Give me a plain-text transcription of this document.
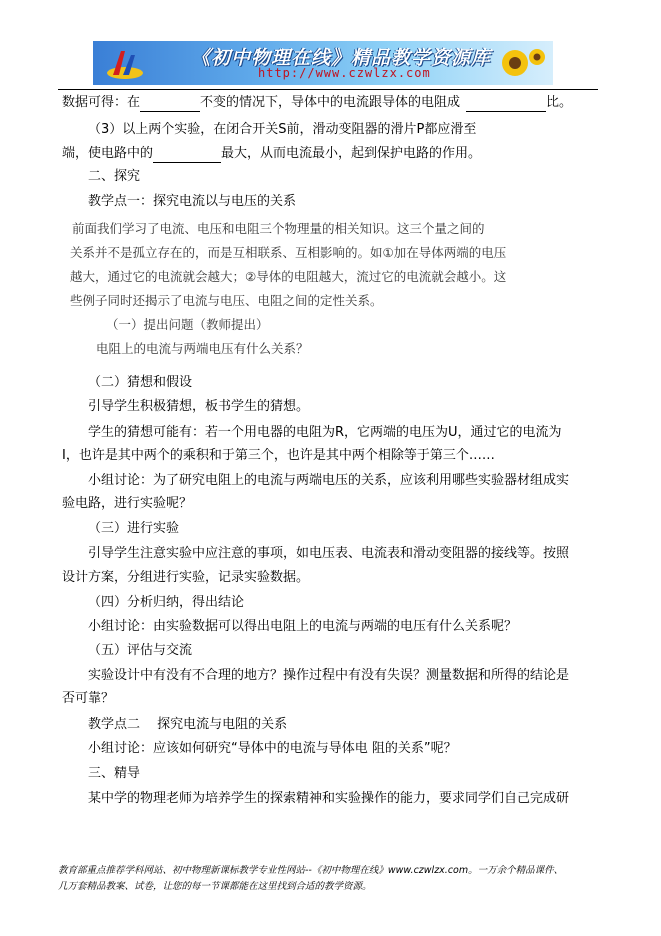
《初中物理在线》精品教学资源库
http://www.czwlzx.com
数据可得：在	不变的情况下，导体中的电流跟导体的电阻成	比。
（3）以上两个实验，在闭合开关S前，滑动变阻器的滑片P都应滑至
端，使电路中的	最大，从而电流最小，起到保护电路的作用。
二、探究
教学点一：探究电流以与电压的关系
前面我们学习了电流、电压和电阻三个物理量的相关知识。这三个量之间的
关系并不是孤立存在的，而是互相联系、互相影响的。如①加在导体两端的电压
越大，通过它的电流就会越大；②导体的电阻越大，流过它的电流就会越小。这
些例子同时还揭示了电流与电压、电阻之间的定性关系。
（一）提出问题（教师提出）
电阻上的电流与两端电压有什么关系？
（二）猜想和假设
引导学生积极猜想，板书学生的猜想。
学生的猜想可能有：若一个用电器的电阻为R，它两端的电压为U，通过它的电流为
I，也许是其中两个的乘积和于第三个，也许是其中两个相除等于第三个……
小组讨论：为了研究电阻上的电流与两端电压的关系，应该利用哪些实验器材组成实
验电路，进行实验呢？
（三）进行实验
引导学生注意实验中应注意的事项，如电压表、电流表和滑动变阻器的接线等。按照
设计方案，分组进行实验，记录实验数据。
（四）分析归纳，得出结论
小组讨论：由实验数据可以得出电阻上的电流与两端的电压有什么关系呢？
（五）评估与交流
实验设计中有没有不合理的地方？操作过程中有没有失误？测量数据和所得的结论是
否可靠？
教学点二　 探究电流与电阻的关系
小组讨论：应该如何研究“导体中的电流与导体电 阻的关系”呢？
三、精导
某中学的物理老师为培养学生的探索精神和实验操作的能力，要求同学们自己完成研
教育部重点推荐学科网站、初中物理新课标教学专业性网站--《初中物理在线》www.czwlzx.com。一万余个精品课件、
几万套精品教案、试卷，让您的每一节课都能在这里找到合适的教学资源。
